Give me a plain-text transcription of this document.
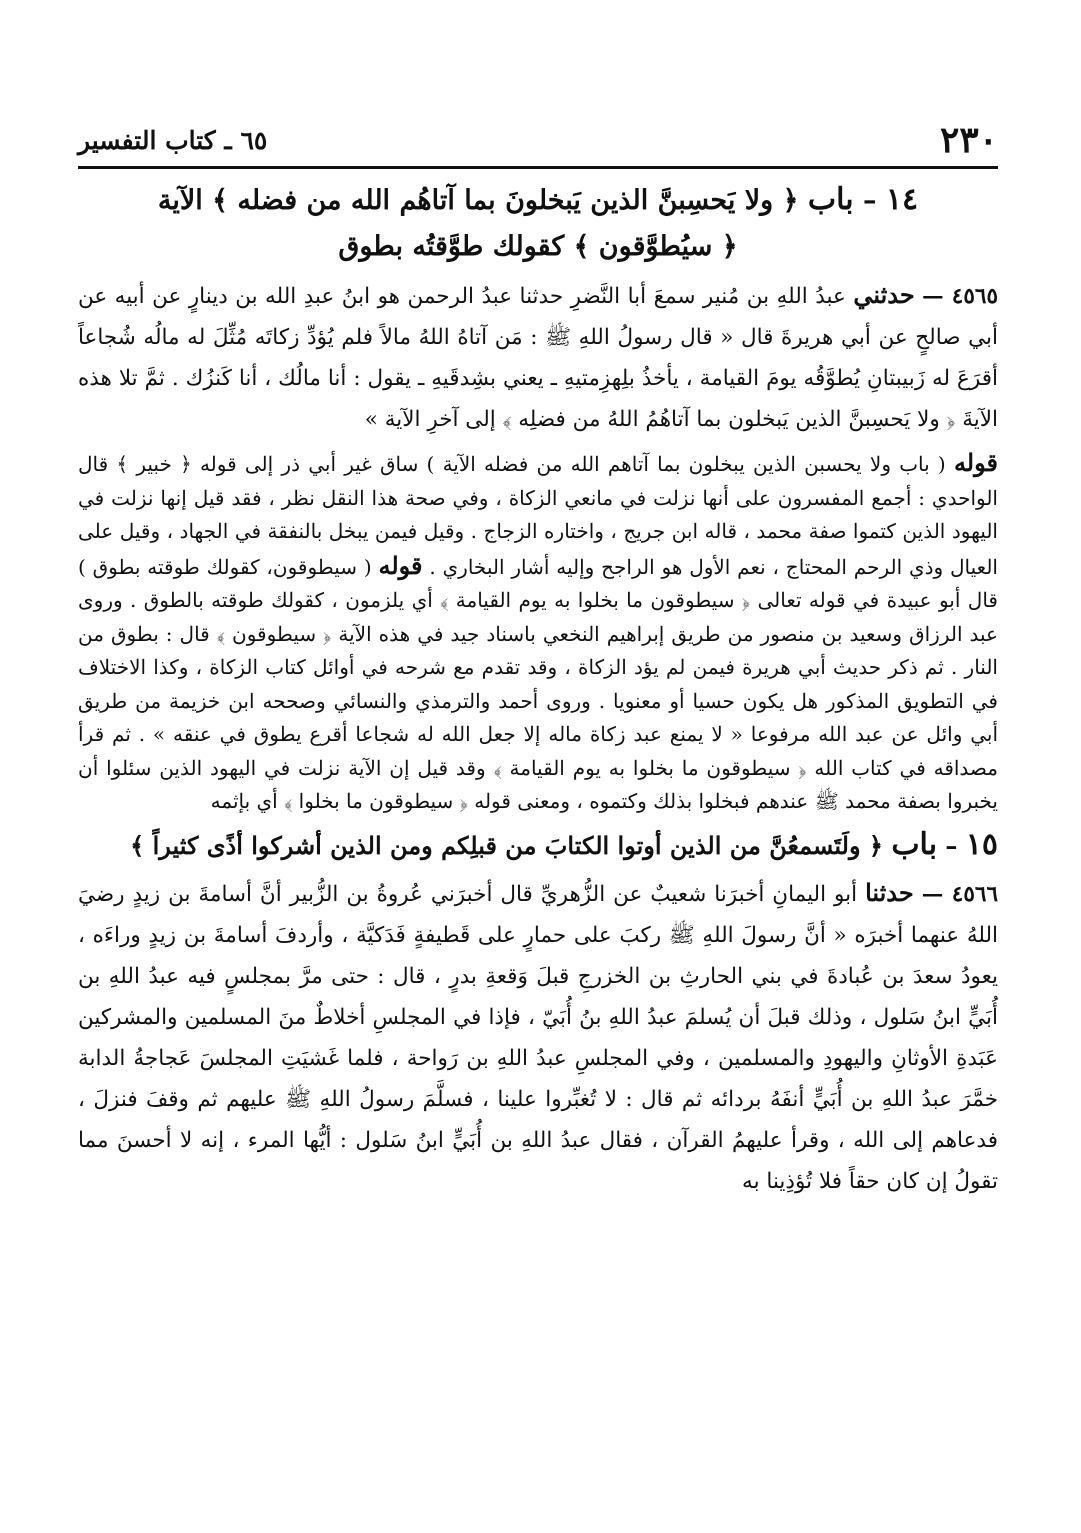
٢٣٠
٦٥ ـ كتاب التفسير
١٤ – باب ﴿ ولا يَحسِبنَّ الذين يَبخلونَ بما آتاهُم الله من فضله ﴾ الآية
﴿ سيُطوَّقون ﴾ كقولك طوَّقتُه بطوق

٤٥٦٥ — حدثني عبدُ اللهِ بن مُنير سمعَ أبا النَّضرِ حدثنا عبدُ الرحمن هو ابنُ عبدِ الله بن دينارٍ عن أبيه عن أبي صالحٍ عن أبي هريرةَ قال « قال رسولُ اللهِ ﷺ : مَن آتاهُ اللهُ مالاً فلم يُؤدِّ زكاتَه مُثِّلَ له مالُه شُجاعاً أقرَعَ له زَبيبتانِ يُطوَّقُه يومَ القيامة ، يأخذُ بلِهزِمتيهِ ـ يعني بشِدقَيهِ ـ يقول : أنا مالُك ، أنا كَنزُك . ثمَّ تلا هذه الآيةَ ﴿ ولا يَحسِبنَّ الذين يَبخلون بما آتاهُمُ اللهُ من فضلِه ﴾ إلى آخرِ الآية »

قوله ( باب ولا يحسبن الذين يبخلون بما آتاهم الله من فضله الآية ) ساق غير أبي ذر إلى قوله ﴿ خبير ﴾ قال الواحدي : أجمع المفسرون على أنها نزلت في مانعي الزكاة ، وفي صحة هذا النقل نظر ، فقد قيل إنها نزلت في اليهود الذين كتموا صفة محمد ، قاله ابن جريج ، واختاره الزجاج . وقيل فيمن يبخل بالنفقة في الجهاد ، وقيل على العيال وذي الرحم المحتاج ، نعم الأول هو الراجح وإليه أشار البخاري . قوله ( سيطوقون، كقولك طوقته بطوق ) قال أبو عبيدة في قوله تعالى ﴿ سيطوقون ما بخلوا به يوم القيامة ﴾ أي يلزمون ، كقولك طوقته بالطوق . وروى عبد الرزاق وسعيد بن منصور من طريق إبراهيم النخعي باسناد جيد في هذه الآية ﴿ سيطوقون ﴾ قال : بطوق من النار . ثم ذكر حديث أبي هريرة فيمن لم يؤد الزكاة ، وقد تقدم مع شرحه في أوائل كتاب الزكاة ، وكذا الاختلاف في التطويق المذكور هل يكون حسيا أو معنويا . وروى أحمد والترمذي والنسائي وصححه ابن خزيمة من طريق أبي وائل عن عبد الله مرفوعا « لا يمنع عبد زكاة ماله إلا جعل الله له شجاعا أقرع يطوق في عنقه » . ثم قرأ مصداقه في كتاب الله ﴿ سيطوقون ما بخلوا به يوم القيامة ﴾ وقد قيل إن الآية نزلت في اليهود الذين سئلوا أن يخبروا بصفة محمد ﷺ عندهم فبخلوا بذلك وكتموه ، ومعنى قوله ﴿ سيطوقون ما بخلوا ﴾ أي بإثمه

١٥ – باب ﴿ ولَتَسمعُنَّ من الذين أوتوا الكتابَ من قبلِكم ومن الذين أشركوا أذًى كثيراً ﴾

٤٥٦٦ — حدثنا أبو اليمانِ أخبرَنا شعيبٌ عن الزُّهريِّ قال أخبرَني عُروةُ بن الزُّبير أنَّ أسامةَ بن زيدٍ رضيَ اللهُ عنهما أخبرَه « أنَّ رسولَ اللهِ ﷺ ركبَ على حمارٍ على قَطيفةٍ فَدَكيَّة ، وأردفَ أسامةَ بن زيدٍ وراءَه ، يعودُ سعدَ بن عُبادةَ في بني الحارثِ بن الخزرجِ قبلَ وَقعةِ بدرٍ ، قال : حتى مرَّ بمجلسٍ فيه عبدُ اللهِ بن أُبَيٍّ ابنُ سَلول ، وذلك قبلَ أن يُسلمَ عبدُ اللهِ بنُ أُبَيّ ، فإذا في المجلسِ أخلاطٌ منَ المسلمين والمشركين عَبَدةِ الأوثانِ واليهودِ والمسلمين ، وفي المجلسِ عبدُ اللهِ بن رَواحة ، فلما غَشيَتِ المجلسَ عَجاجةُ الدابة خمَّرَ عبدُ اللهِ بن أُبَيٍّ أنفَهُ بردائه ثم قال : لا تُغبِّروا علينا ، فسلَّمَ رسولُ اللهِ ﷺ عليهم ثم وقفَ فنزلَ ، فدعاهم إلى الله ، وقرأ عليهمُ القرآن ، فقال عبدُ اللهِ بن أُبَيٍّ ابنُ سَلول : أيُّها المرء ، إنه لا أحسنَ مما تقولُ إن كان حقاً فلا تُؤذِينا به
